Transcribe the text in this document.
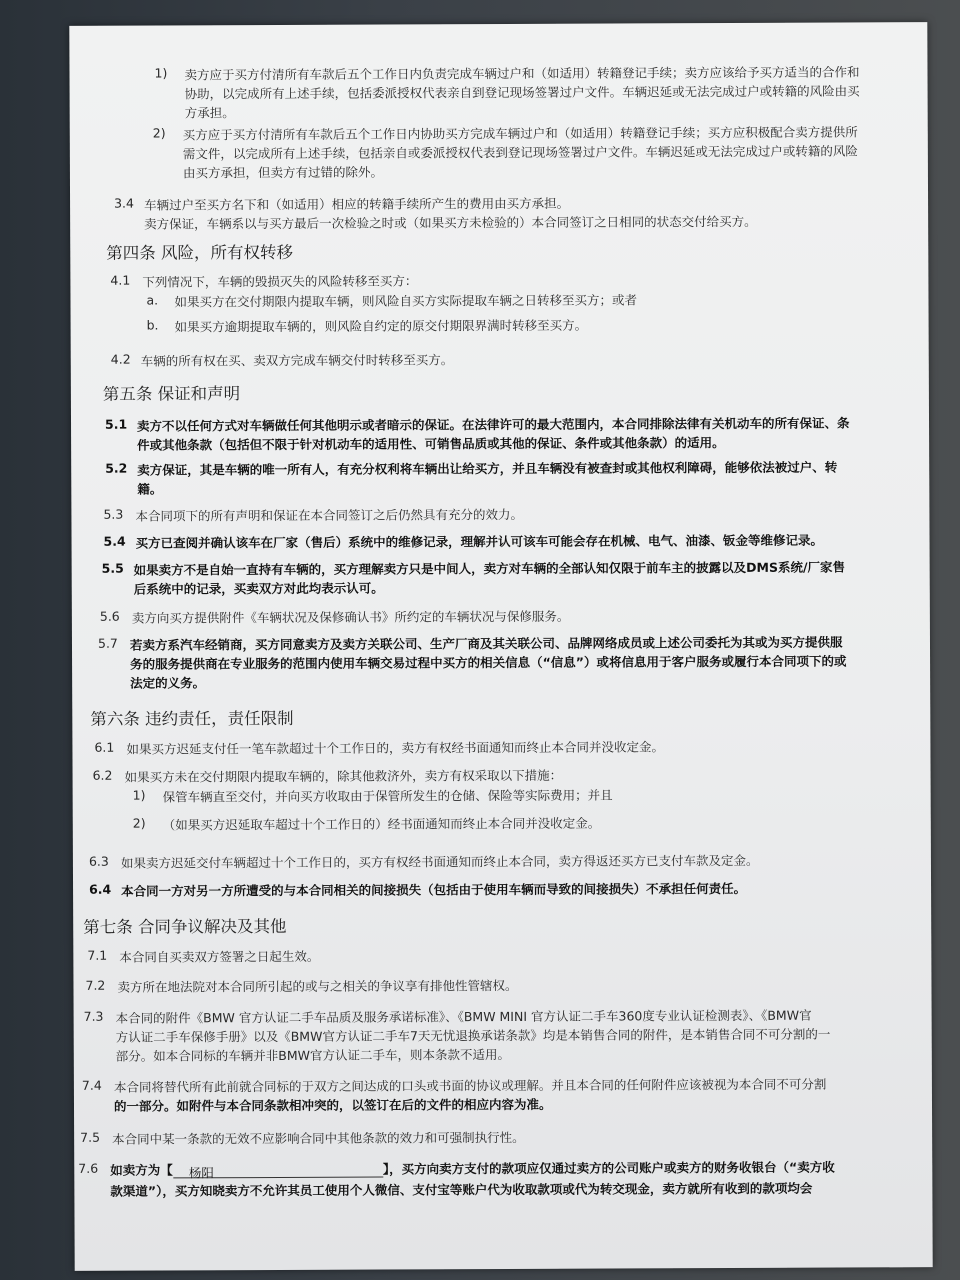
1) 卖方应于买方付清所有车款后五个工作日内负责完成车辆过户和（如适用）转籍登记手续；卖方应该给予买方适当的合作和
协助，以完成所有上述手续，包括委派授权代表亲自到登记现场签署过户文件。车辆迟延或无法完成过户或转籍的风险由买
方承担。
2) 买方应于买方付清所有车款后五个工作日内协助买方完成车辆过户和（如适用）转籍登记手续；买方应积极配合卖方提供所
需文件，以完成所有上述手续，包括亲自或委派授权代表到登记现场签署过户文件。车辆迟延或无法完成过户或转籍的风险
由买方承担，但卖方有过错的除外。
3.4 车辆过户至买方名下和（如适用）相应的转籍手续所产生的费用由买方承担。
卖方保证，车辆系以与买方最后一次检验之时或（如果买方未检验的）本合同签订之日相同的状态交付给买方。
第四条 风险，所有权转移
4.1 下列情况下，车辆的毁损灭失的风险转移至买方：
a. 如果买方在交付期限内提取车辆，则风险自买方实际提取车辆之日转移至买方；或者
b. 如果买方逾期提取车辆的，则风险自约定的原交付期限界满时转移至买方。
4.2 车辆的所有权在买、卖双方完成车辆交付时转移至买方。
第五条 保证和声明
5.1 卖方不以任何方式对车辆做任何其他明示或者暗示的保证。在法律许可的最大范围内，本合同排除法律有关机动车的所有保证、条
件或其他条款（包括但不限于针对机动车的适用性、可销售品质或其他的保证、条件或其他条款）的适用。
5.2 卖方保证，其是车辆的唯一所有人，有充分权利将车辆出让给买方，并且车辆没有被查封或其他权利障碍，能够依法被过户、转
籍。
5.3 本合同项下的所有声明和保证在本合同签订之后仍然具有充分的效力。
5.4 买方已查阅并确认该车在厂家（售后）系统中的维修记录，理解并认可该车可能会存在机械、电气、油漆、钣金等维修记录。
5.5 如果卖方不是自始一直持有车辆的，买方理解卖方只是中间人，卖方对车辆的全部认知仅限于前车主的披露以及DMS系统/厂家售
后系统中的记录，买卖双方对此均表示认可。
5.6 卖方向买方提供附件《车辆状况及保修确认书》所约定的车辆状况与保修服务。
5.7 若卖方系汽车经销商，买方同意卖方及卖方关联公司、生产厂商及其关联公司、品牌网络成员或上述公司委托为其或为买方提供服
务的服务提供商在专业服务的范围内使用车辆交易过程中买方的相关信息（“信息”）或将信息用于客户服务或履行本合同项下的或
法定的义务。
第六条 违约责任，责任限制
6.1 如果买方迟延支付任一笔车款超过十个工作日的，卖方有权经书面通知而终止本合同并没收定金。
6.2 如果买方未在交付期限内提取车辆的，除其他救济外，卖方有权采取以下措施：
1) 保管车辆直至交付，并向买方收取由于保管所发生的仓储、保险等实际费用；并且
2) （如果买方迟延取车超过十个工作日的）经书面通知而终止本合同并没收定金。
6.3 如果卖方迟延交付车辆超过十个工作日的，买方有权经书面通知而终止本合同，卖方得返还买方已支付车款及定金。
6.4 本合同一方对另一方所遭受的与本合同相关的间接损失（包括由于使用车辆而导致的间接损失）不承担任何责任。
第七条 合同争议解决及其他
7.1 本合同自买卖双方签署之日起生效。
7.2 卖方所在地法院对本合同所引起的或与之相关的争议享有排他性管辖权。
7.3 本合同的附件《BMW 官方认证二手车品质及服务承诺标准》、《BMW MINI 官方认证二手车360度专业认证检测表》、《BMW官
方认证二手车保修手册》以及《BMW官方认证二手车7天无忧退换承诺条款》均是本销售合同的附件，是本销售合同不可分割的一
部分。如本合同标的车辆并非BMW官方认证二手车，则本条款不适用。
7.4 本合同将替代所有此前就合同标的于双方之间达成的口头或书面的协议或理解。并且本合同的任何附件应该被视为本合同不可分割
的一部分。如附件与本合同条款相冲突的，以签订在后的文件的相应内容为准。
7.5 本合同中某一条款的无效不应影响合同中其他条款的效力和可强制执行性。
7.6 如卖方为【 杨阳	】，买方向卖方支付的款项应仅通过卖方的公司账户或卖方的财务收银台（“卖方收
款渠道”），买方知晓卖方不允许其员工使用个人微信、支付宝等账户代为收取款项或代为转交现金，卖方就所有收到的款项均会
